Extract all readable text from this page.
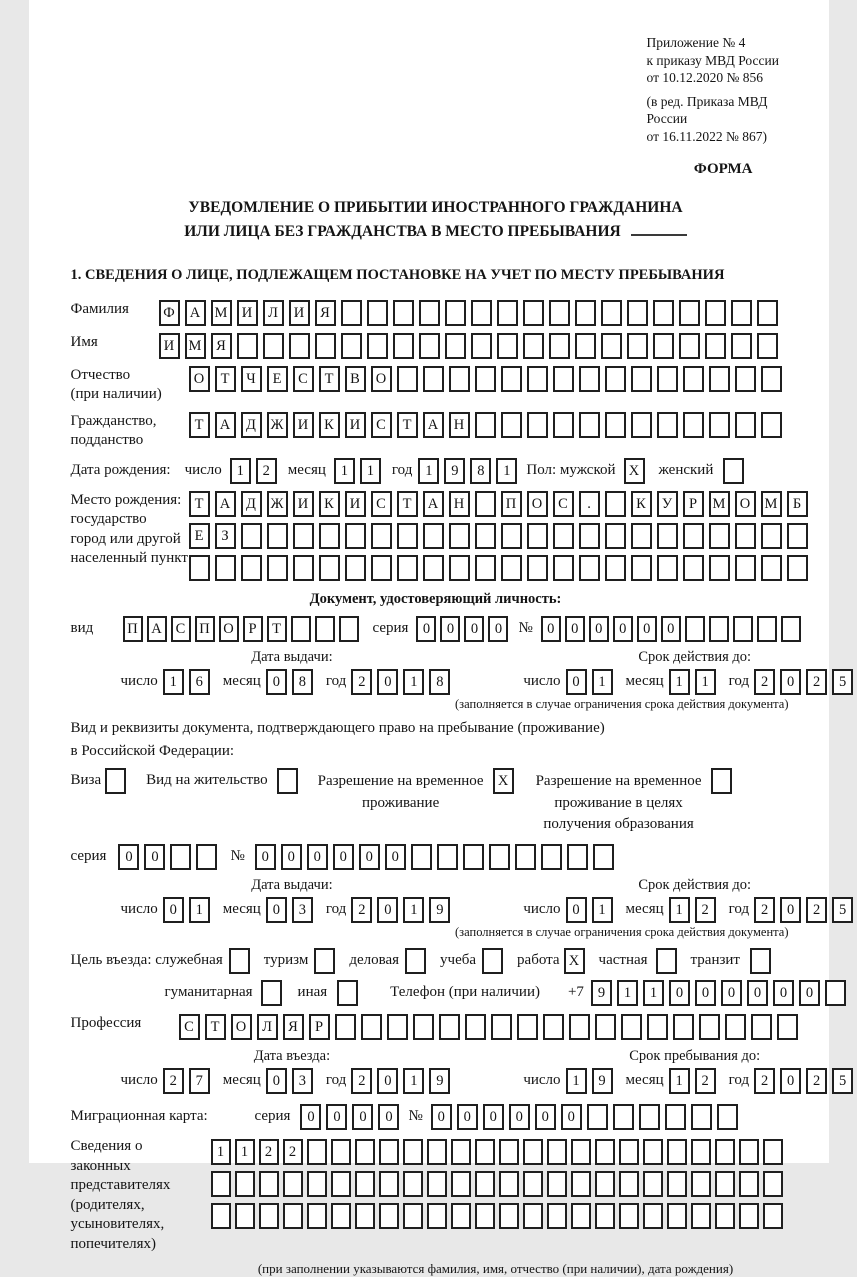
Приложение № 4
к приказу МВД России
от 10.12.2020 № 856
(в ред. Приказа МВД России
от 16.11.2022 № 867)
ФОРМА
УВЕДОМЛЕНИЕ О ПРИБЫТИИ ИНОСТРАННОГО ГРАЖДАНИНА
ИЛИ ЛИЦА БЕЗ ГРАЖДАНСТВА В МЕСТО ПРЕБЫВАНИЯ
1. СВЕДЕНИЯ О ЛИЦЕ, ПОДЛЕЖАЩЕМ ПОСТАНОВКЕ НА УЧЕТ ПО МЕСТУ ПРЕБЫВАНИЯ
Фамилия	Ф	А М И	Л	И	Я
Имя	И М	Я
Отчество
(при наличии)
О	Т	Ч	Е	С	Т	В	О
Гражданство,
подданство
Т	А	Д	Ж И	К	И	С	Т	А	Н
Дата рождения: число	1	2	месяц	1	1	год 1	9	8	1	Пол: мужской X	женский
Место рождения:
государство
город или другой
населенный пункт
Т	А	Д	Ж И	К	И	С	Т	А	Н	П	О	С	.	К	У	Р	М О М	Б
Е	З
Документ, удостоверяющий личность:
вид	П А С П О	Р	Т	серия 0	0	0	0	№ 0	0	0	0	0	0
Дата выдачи:
число 1	6	месяц 0	8	год 2	0	1	8
Срок действия до:
число 0	1	месяц 1	1	год 2	0	2	5
(заполняется в случае ограничения срока действия документа)
Вид и реквизиты документа, подтверждающего право на пребывание (проживание)
в Российской Федерации:
Виза	Вид на жительство	Разрешение на временное
проживание
X	Разрешение на временное
проживание в целях
получения образования
серия	0	0	№	0	0	0	0	0	0
Дата выдачи:
число 0	1	месяц 0	3	год 2	0	1	9
Срок действия до:
число 0	1	месяц 1	2	год 2	0	2	5
(заполняется в случае ограничения срока действия документа)
Цель въезда: служебная	туризм	деловая	учеба	работа X	частная	транзит
гуманитарная	иная	Телефон (при наличии) +7 9	1	1	0	0	0	0	0	0
Профессия	С	Т	О	Л	Я	Р
Дата въезда:
число 2	7	месяц 0	3	год 2	0	1	9
Срок пребывания до:
число 1	9	месяц 1	2	год 2	0	2	5
Миграционная карта:	серия	0	0	0	0	№	0	0	0	0	0	0
Сведения о
законных
представителях
(родителях,
усыновителях,
попечителях)
1	1	2	2
(при заполнении указываются фамилия, имя, отчество (при наличии), дата рождения)
